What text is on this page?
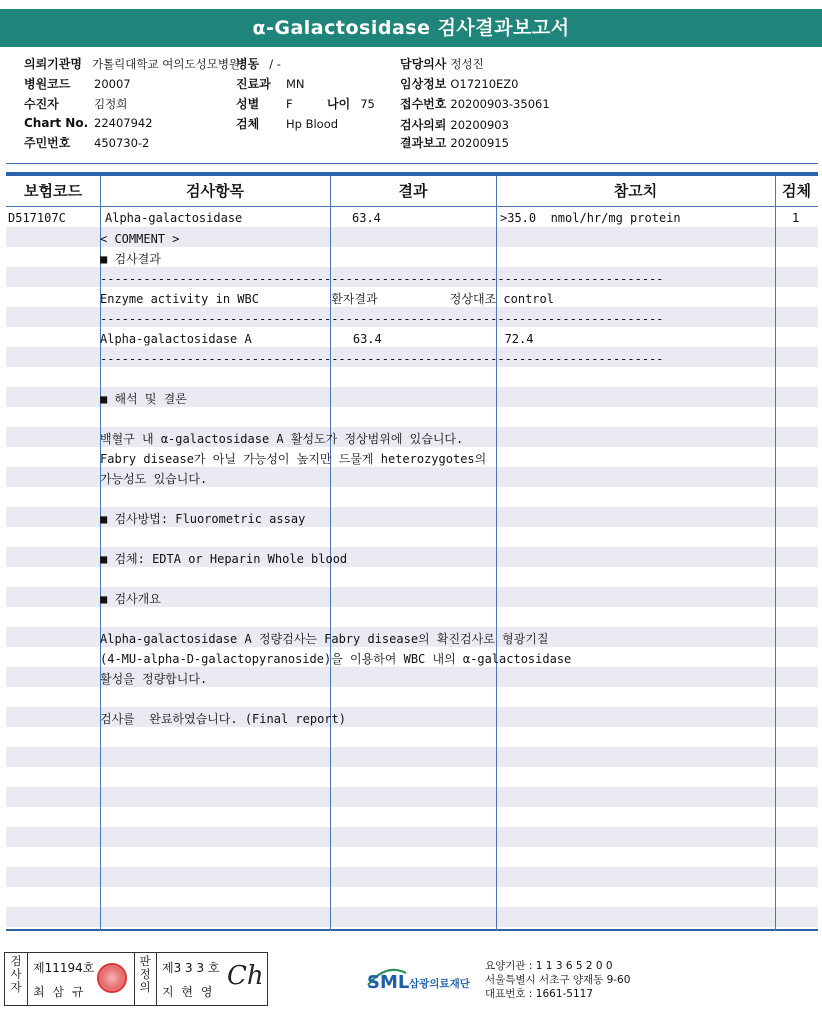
α-Galactosidase 검사결과보고서
의뢰기관명 가톨릭대학교 여의도성모병원
병동 / -
병원코드 20007	진료과 MN
수진자	김정희	성별 F	나이 75
Chart No. 22407942	검체 Hp Blood
주민번호 450730-2
담당의사 정성진
임상정보 O17210EZ0
접수번호 20200903-35061
검사의뢰 20200903
결과보고 20200915
보험코드	검사항목	결과	참고치	검체
D517107C	Alpha-galactosidase	63.4	>35.0  nmol/hr/mg protein	1
< COMMENT >
■ 검사결과
------------------------------------------------------------------------------
Enzyme activity in WBC          환자결과          정상대조 control
------------------------------------------------------------------------------
Alpha-galactosidase A              63.4                 72.4
------------------------------------------------------------------------------
■ 해석 및 결론
백혈구 내 α-galactosidase A 활성도가 정상범위에 있습니다.
Fabry disease가 아닐 가능성이 높지만 드물게 heterozygotes의
가능성도 있습니다.
■ 검사방법: Fluorometric assay
■ 검체: EDTA or Heparin Whole blood
■ 검사개요
Alpha-galactosidase A 정량검사는 Fabry disease의 확진검사로 형광기질
(4-MU-alpha-D-galactopyranoside)을 이용하여 WBC 내의 α-galactosidase
활성을 정량합니다.
검사를  완료하였습니다. (Final report)
검사자
제11194호
최 삼 규
판정의
제3 3 3 호
지 현 영
Ch	SML 삼광의료재단
요양기관 : 1 1 3 6 5 2 0 0
서울특별시 서초구 양재동 9-60
대표번호 : 1661-5117
